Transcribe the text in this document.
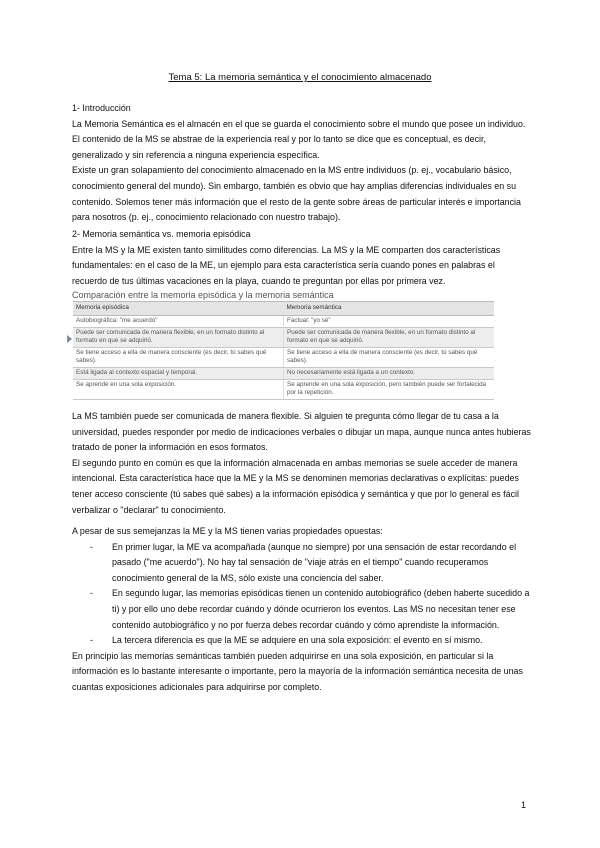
Tema 5: La memoria semántica y el conocimiento almacenado

1- Introducción

La Memoria Semántica es el almacén en el que se guarda el conocimiento sobre el mundo que posee un individuo. El contenido de la MS se abstrae de la experiencia real y por lo tanto se dice que es conceptual, es decir, generalizado y sin referencia a ninguna experiencia específica.

Existe un gran solapamiento del conocimiento almacenado en la MS entre individuos (p. ej., vocabulario básico, conocimiento general del mundo). Sin embargo, también es obvio que hay amplias diferencias individuales en su contenido. Solemos tener más información que el resto de la gente sobre áreas de particular interés e importancia para nosotros (p. ej., conocimiento relacionado con nuestro trabajo).

2- Memoria semántica vs. memoria episódica

Entre la MS y la ME existen tanto similitudes como diferencias. La MS y la ME comparten dos características fundamentales: en el caso de la ME, un ejemplo para esta característica sería cuando pones en palabras el recuerdo de tus últimas vacaciones en la playa, cuando te preguntan por ellas por primera vez.

Comparación entre la memoria episódica y la memoria semántica

Memoria episódica	Memoria semántica
Autobiográfica: "me acuerdo"	Factual: "yo sé"
Puede ser comunicada de manera flexible, en un formato distinto al formato en que se adquirió.	Puede ser comunicada de manera flexible, en un formato distinto al formato en que se adquirió.
Se tiene acceso a ella de manera consciente (es decir, tú sabes qué sabes).	Se tiene acceso a ella de manera consciente (es decir, tú sabes qué sabes).
Está ligada al contexto espacial y temporal.	No necesariamente está ligada a un contexto.
Se aprende en una sola exposición.	Se aprende en una sola exposición, pero también puede ser fortalecida por la repetición.

La MS también puede ser comunicada de manera flexible. Si alguien te pregunta cómo llegar de tu casa a la universidad, puedes responder por medio de indicaciones verbales o dibujar un mapa, aunque nunca antes hubieras tratado de poner la información en esos formatos.

El segundo punto en común es que la información almacenada en ambas memorias se suele acceder de manera intencional. Esta característica hace que la ME y la MS se denominen memorias declarativas o explícitas: puedes tener acceso consciente (tú sabes qué sabes) a la información episódica y semántica y que por lo general es fácil verbalizar o "declarar" tu conocimiento.

A pesar de sus semejanzas la ME y la MS tienen varias propiedades opuestas:

- En primer lugar, la ME va acompañada (aunque no siempre) por una sensación de estar recordando el pasado ("me acuerdo"). No hay tal sensación de "viaje atrás en el tiempo" cuando recuperamos conocimiento general de la MS, sólo existe una conciencia del saber.
- En segundo lugar, las memorias episódicas tienen un contenido autobiográfico (deben haberte sucedido a ti) y por ello uno debe recordar cuándo y dónde ocurrieron los eventos. Las MS no necesitan tener ese contenido autobiográfico y no por fuerza debes recordar cuándo y cómo aprendiste la información.
- La tercera diferencia es que la ME se adquiere en una sola exposición: el evento en sí mismo.

En principio las memorias semánticas también pueden adquirirse en una sola exposición, en particular si la información es lo bastante interesante o importante, pero la mayoría de la información semántica necesita de unas cuantas exposiciones adicionales para adquirirse por completo.

1
